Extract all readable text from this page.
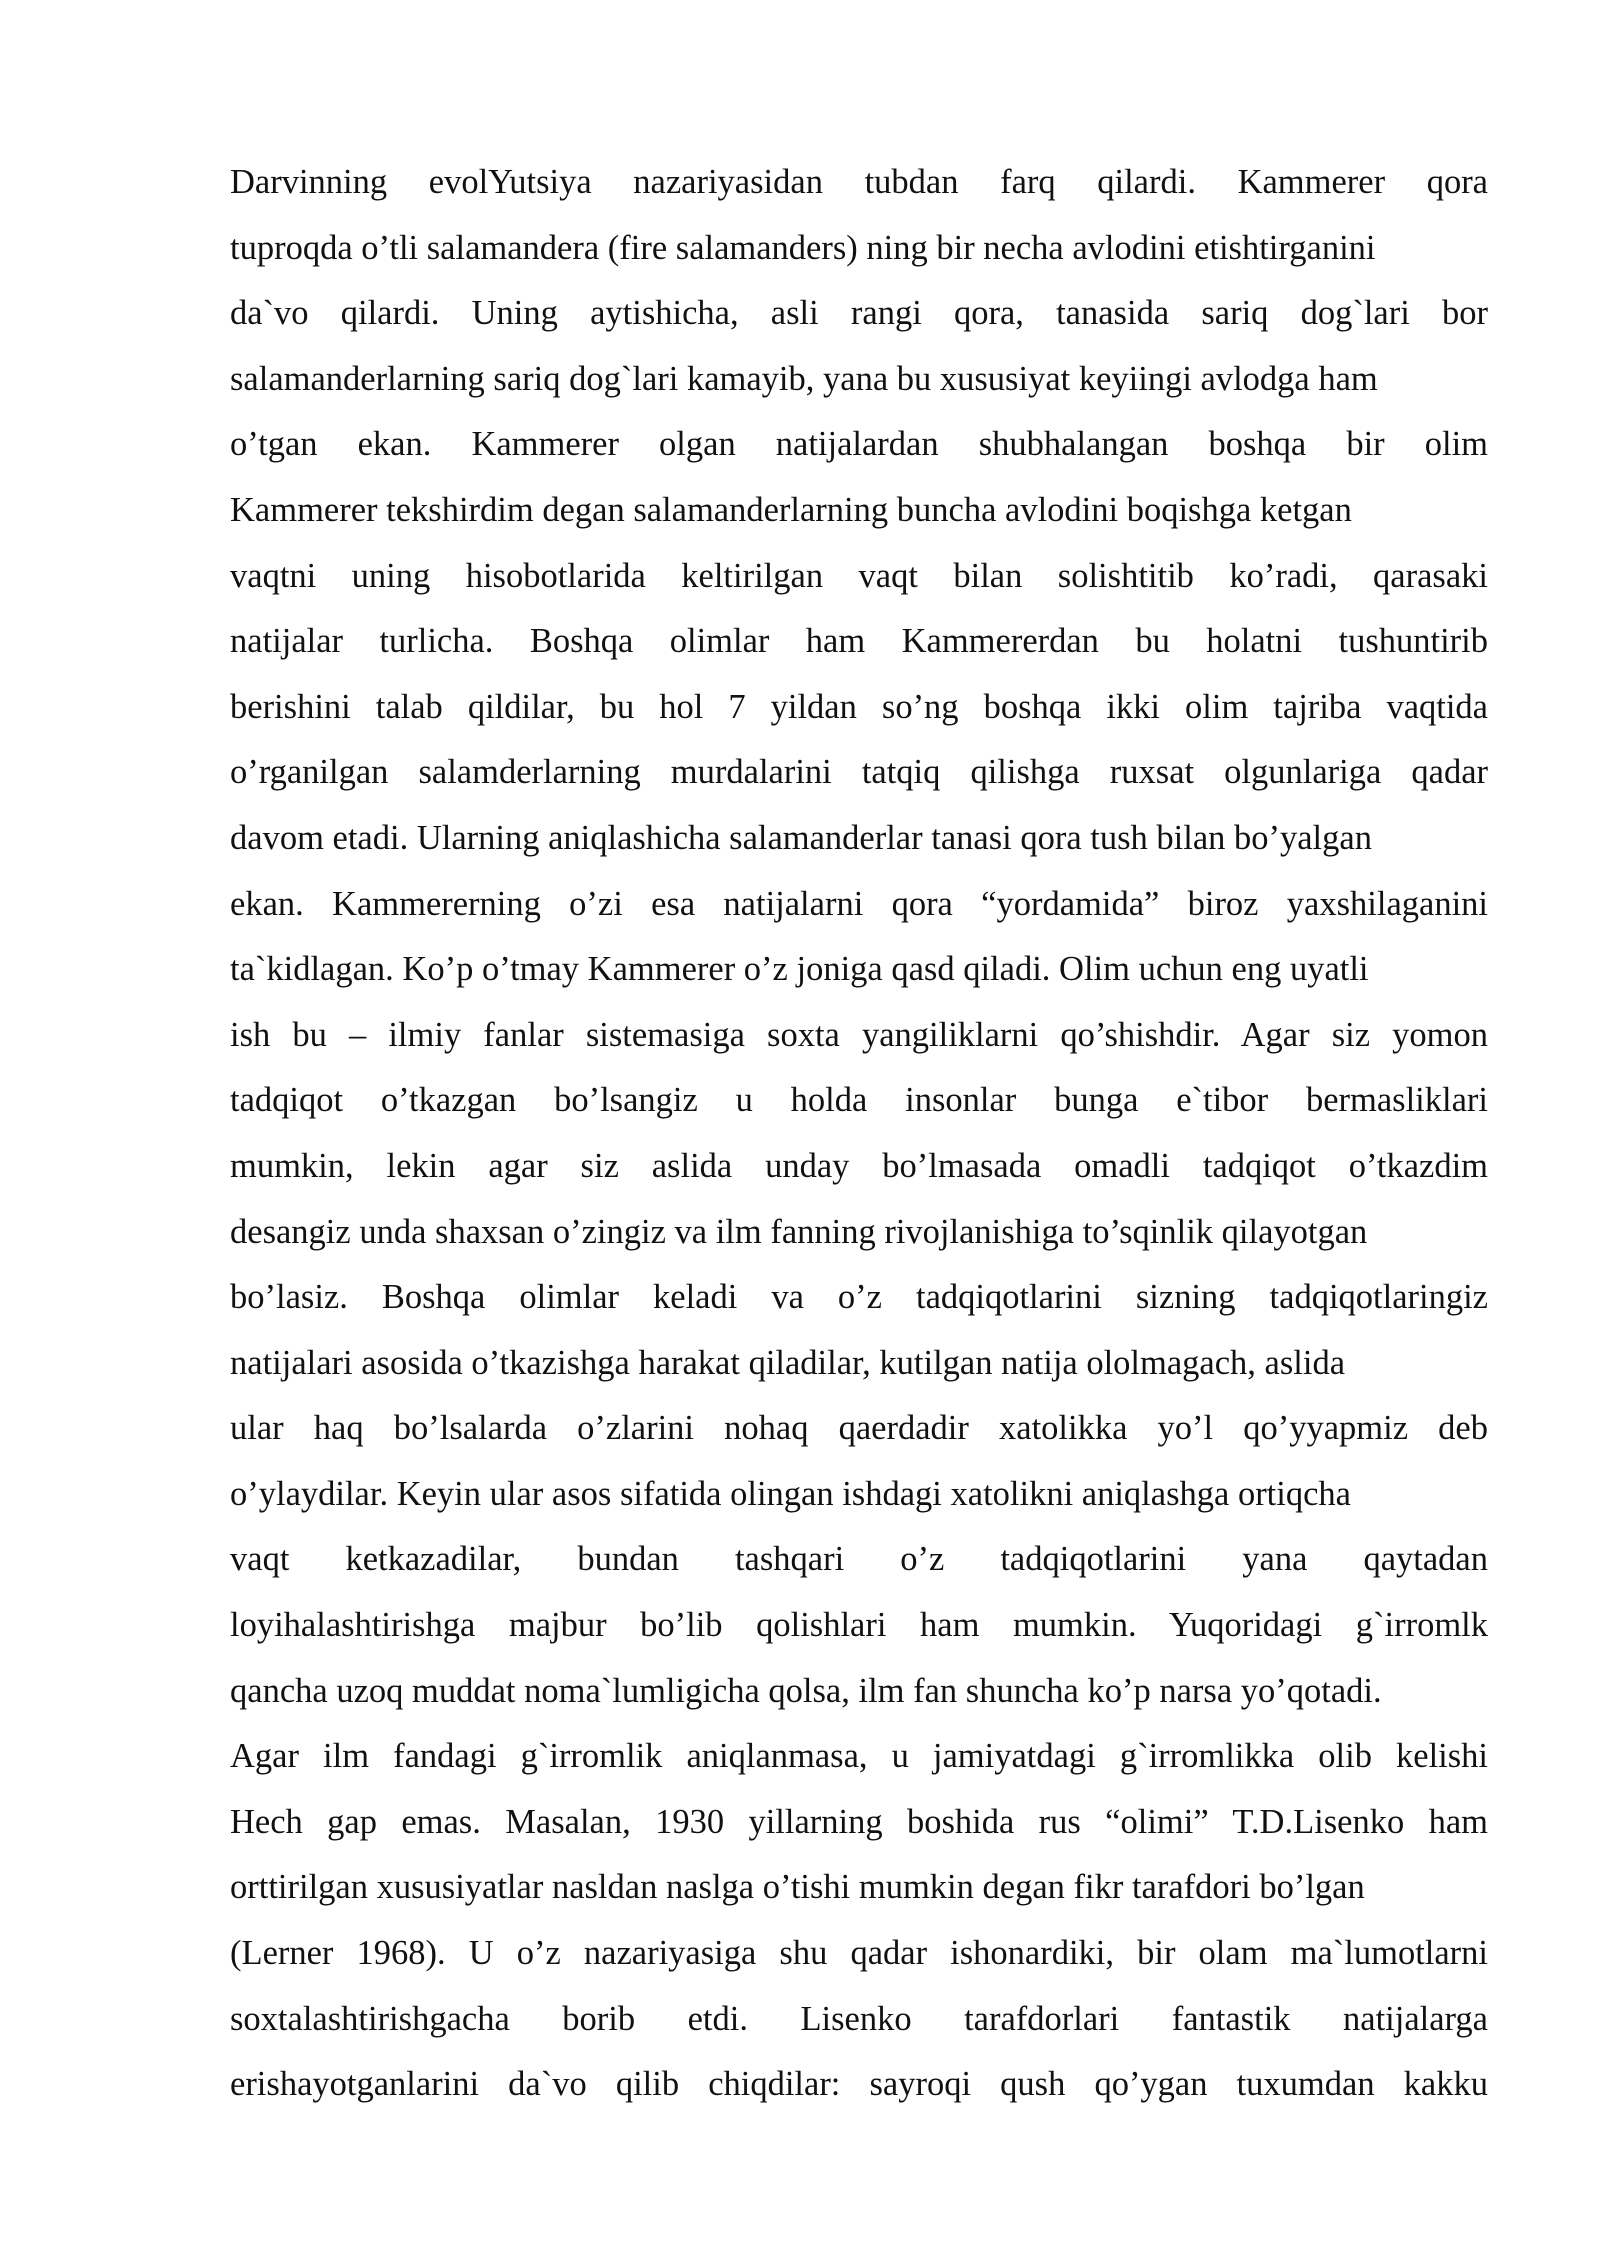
Darvinning evolYutsiya nazariyasidan tubdan farq qilardi. Kammerer qora
tuproqda o’tli salamandera (fire salamanders) ning bir necha avlodini etishtirganini
da`vo qilardi. Uning aytishicha, asli rangi qora, tanasida sariq dog`lari bor
salamanderlarning sariq dog`lari kamayib, yana bu xususiyat keyiingi avlodga ham
o’tgan ekan. Kammerer olgan natijalardan shubhalangan boshqa bir olim
Kammerer tekshirdim degan salamanderlarning buncha avlodini boqishga ketgan
vaqtni uning hisobotlarida keltirilgan vaqt bilan solishtitib ko’radi, qarasaki
natijalar turlicha. Boshqa olimlar ham Kammererdan bu holatni tushuntirib
berishini talab qildilar, bu hol 7 yildan so’ng boshqa ikki olim tajriba vaqtida
o’rganilgan salamderlarning murdalarini tatqiq qilishga ruxsat olgunlariga qadar
davom etadi. Ularning aniqlashicha salamanderlar tanasi qora tush bilan bo’yalgan
ekan. Kammererning o’zi esa natijalarni qora “yordamida” biroz yaxshilaganini
ta`kidlagan. Ko’p o’tmay Kammerer o’z joniga qasd qiladi. Olim uchun eng uyatli
ish bu – ilmiy fanlar sistemasiga soxta yangiliklarni qo’shishdir. Agar siz yomon
tadqiqot o’tkazgan bo’lsangiz u holda insonlar bunga e`tibor bermasliklari
mumkin, lekin agar siz aslida unday bo’lmasada omadli tadqiqot o’tkazdim
desangiz unda shaxsan o’zingiz va ilm fanning rivojlanishiga to’sqinlik qilayotgan
bo’lasiz. Boshqa olimlar keladi va o’z tadqiqotlarini sizning tadqiqotlaringiz
natijalari asosida o’tkazishga harakat qiladilar, kutilgan natija ololmagach, aslida
ular haq bo’lsalarda o’zlarini nohaq qaerdadir xatolikka yo’l qo’yyapmiz deb
o’ylaydilar. Keyin ular asos sifatida olingan ishdagi xatolikni aniqlashga ortiqcha
vaqt ketkazadilar, bundan tashqari o’z tadqiqotlarini yana qaytadan
loyihalashtirishga majbur bo’lib qolishlari ham mumkin. Yuqoridagi g`irromlk
qancha uzoq muddat noma`lumligicha qolsa, ilm fan shuncha ko’p narsa yo’qotadi.
Agar ilm fandagi g`irromlik aniqlanmasa, u jamiyatdagi g`irromlikka olib kelishi
Hech gap emas. Masalan, 1930 yillarning boshida rus “olimi” T.D.Lisenko ham
orttirilgan xususiyatlar nasldan naslga o’tishi mumkin degan fikr tarafdori bo’lgan
(Lerner 1968). U o’z nazariyasiga shu qadar ishonardiki, bir olam ma`lumotlarni
soxtalashtirishgacha borib etdi. Lisenko tarafdorlari fantastik natijalarga
erishayotganlarini da`vo qilib chiqdilar: sayroqi qush qo’ygan tuxumdan kakku
